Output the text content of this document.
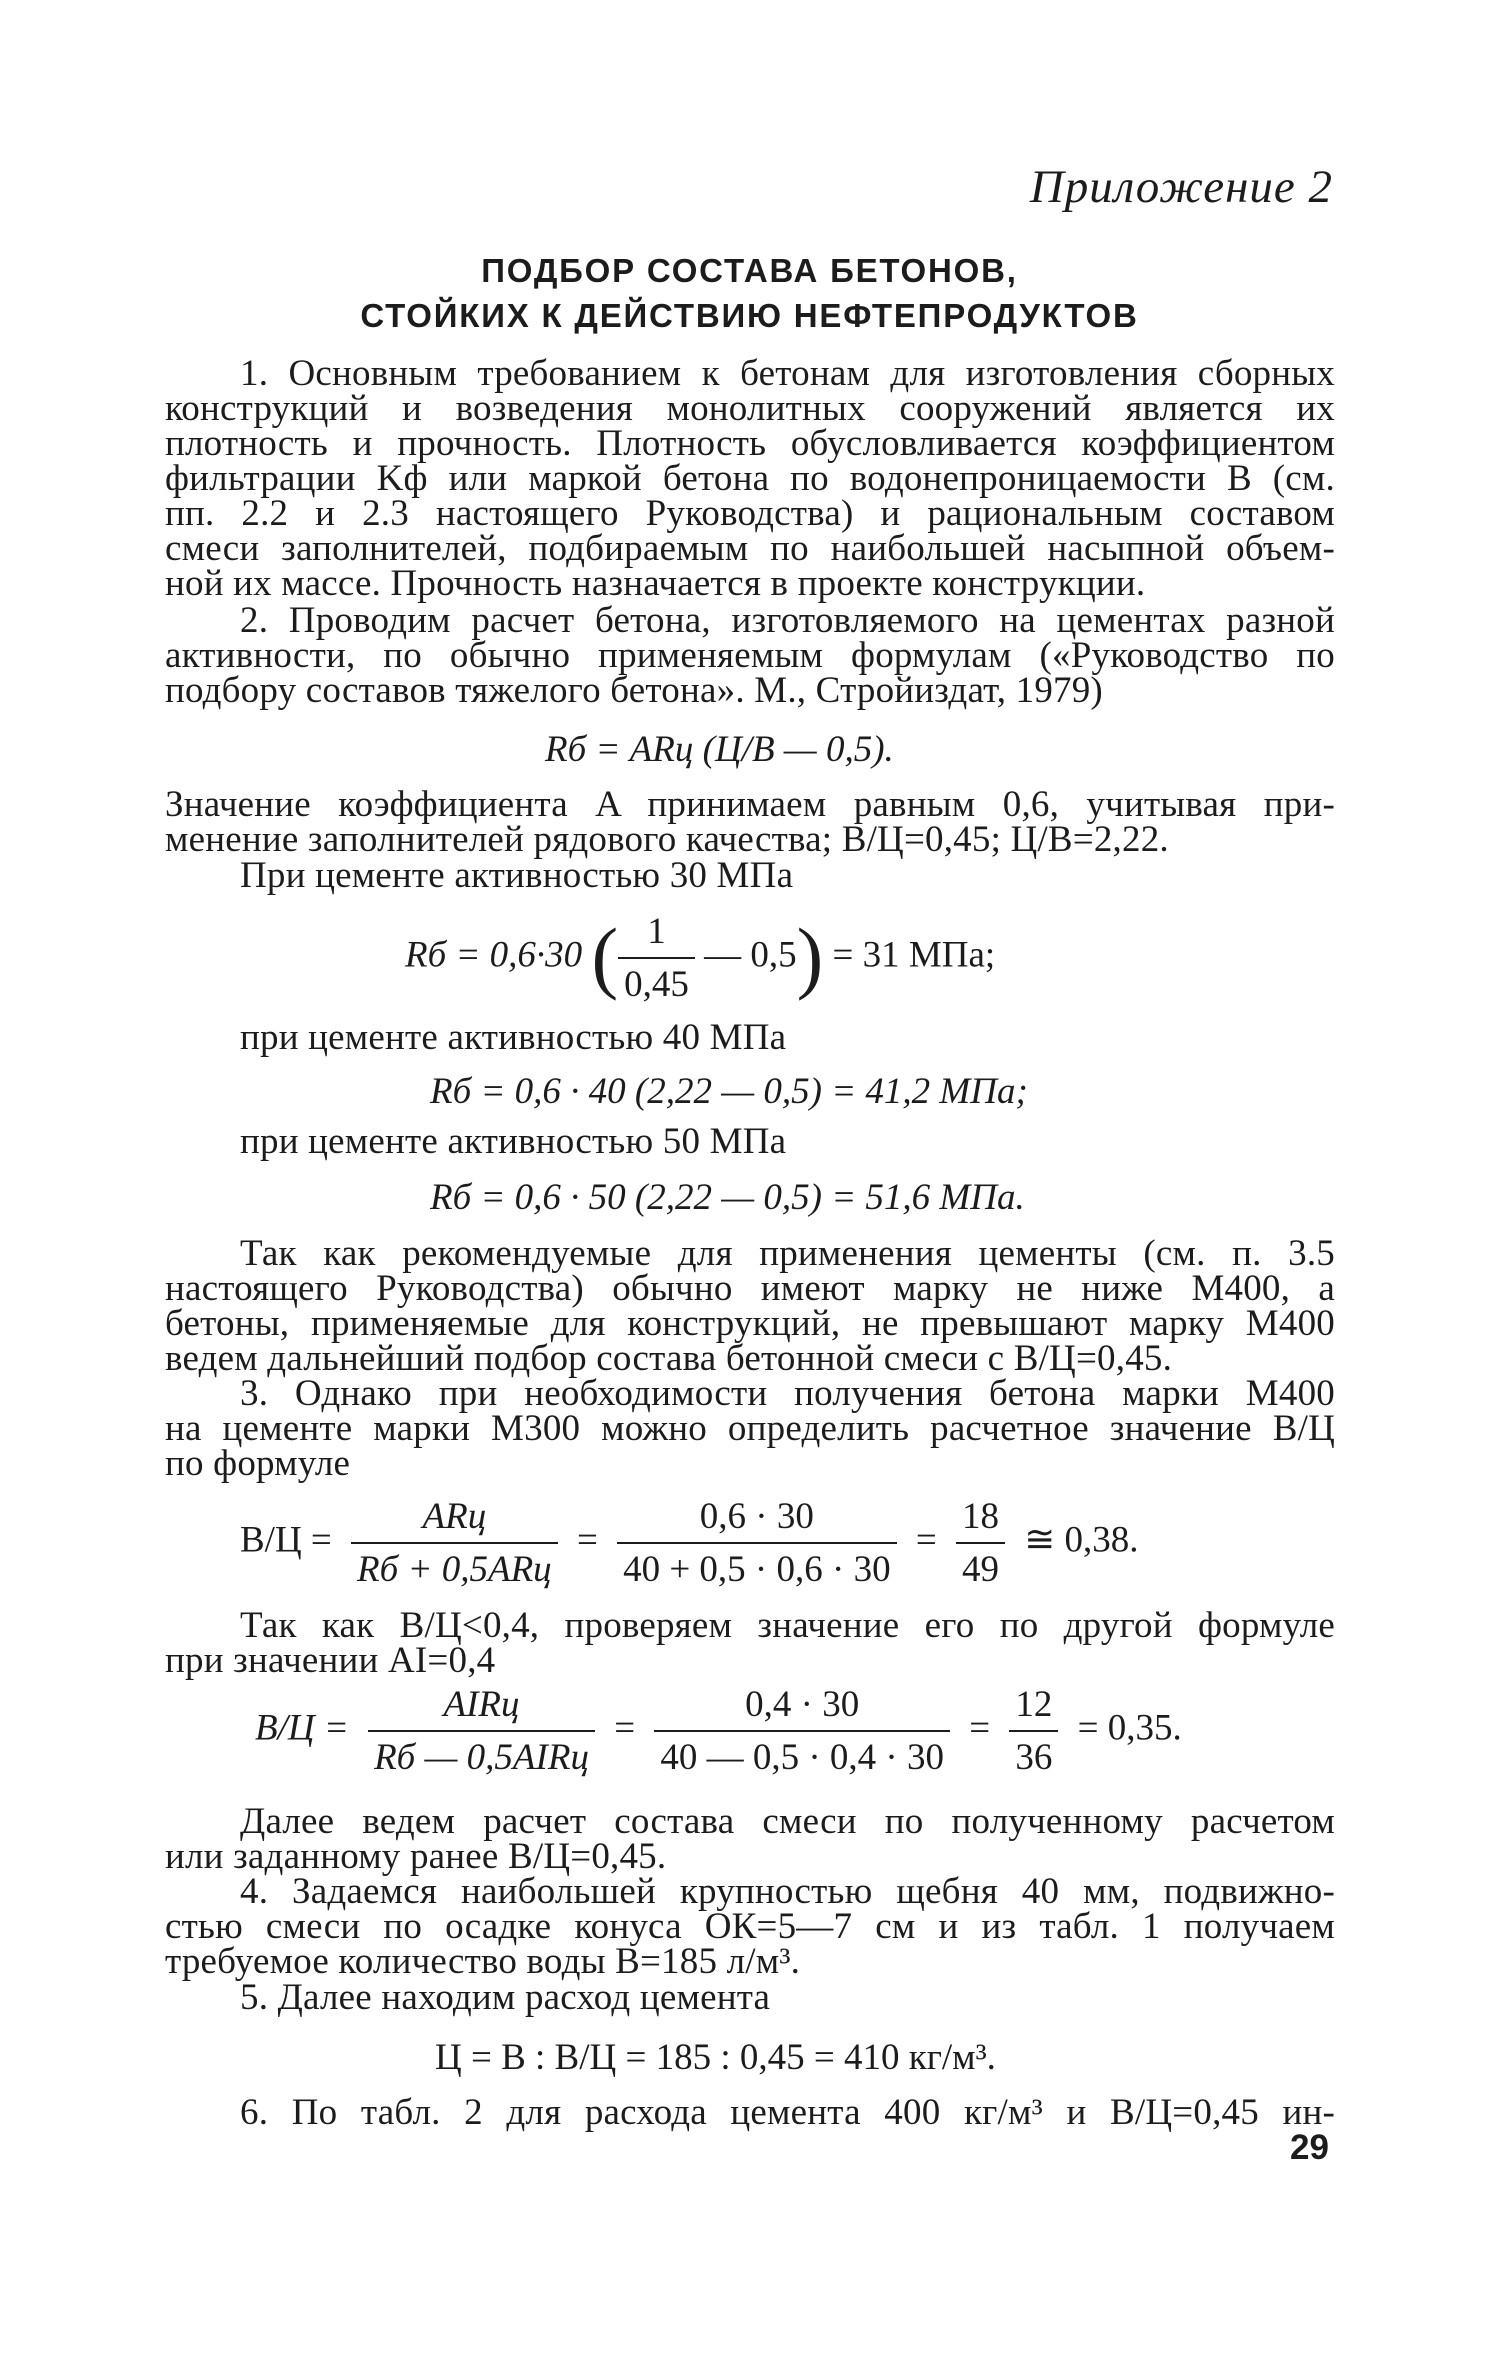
Приложение 2
ПОДБОР СОСТАВА БЕТОНОВ,
СТОЙКИХ К ДЕЙСТВИЮ НЕФТЕПРОДУКТОВ
1. Основным требованием к бетонам для изготовления сборных
конструкций и возведения монолитных сооружений является их
плотность и прочность. Плотность обусловливается коэффициентом
фильтрации Kф или маркой бетона по водонепроницаемости В (см.
пп. 2.2 и 2.3 настоящего Руководства) и рациональным составом
смеси заполнителей, подбираемым по наибольшей насыпной объем-
ной их массе. Прочность назначается в проекте конструкции.
2. Проводим расчет бетона, изготовляемого на цементах разной
активности, по обычно применяемым формулам («Руководство по
подбору составов тяжелого бетона». М., Стройиздат, 1979)
Rб = ARц (Ц/В — 0,5).
Значение коэффициента A принимаем равным 0,6, учитывая при-
менение заполнителей рядового качества; В/Ц=0,45; Ц/В=2,22.
При цементе активностью 30 МПа
Rб = 0,6·30 ( $\frac{1}{0,45}$ — 0,5) = 31 МПа;
при цементе активностью 40 МПа
Rб = 0,6 · 40 (2,22 — 0,5) = 41,2 МПа;
при цементе активностью 50 МПа
Rб = 0,6 · 50 (2,22 — 0,5) = 51,6 МПа.
Так как рекомендуемые для применения цементы (см. п. 3.5
настоящего Руководства) обычно имеют марку не ниже М400, а
бетоны, применяемые для конструкций, не превышают марку М400
ведем дальнейший подбор состава бетонной смеси с В/Ц=0,45.
3. Однако при необходимости получения бетона марки М400
на цементе марки М300 можно определить расчетное значение В/Ц
по формуле
$В/Ц = \frac{\text{ARц}}{\text{Rб + 0,5ARц}} = \frac{0,6 \cdot 30}{40 + 0,5 \cdot 0,6 \cdot 30} = \frac{18}{49}$ ≅ 0,38.
Так как В/Ц<0,4, проверяем значение его по другой формуле
при значении AI=0,4
$В/Ц = \frac{\text{AIRц}}{\text{Rб — 0,5AIRц}} = \frac{0,4 \cdot 30}{40 — 0,5 \cdot 0,4 \cdot 30} = \frac{12}{36} = 0,35$.
Далее ведем расчет состава смеси по полученному расчетом
или заданному ранее В/Ц=0,45.
4. Задаемся наибольшей крупностью щебня 40 мм, подвижно-
стью смеси по осадке конуса ОК=5—7 см и из табл. 1 получаем
требуемое количество воды В=185 л/м³.
5. Далее находим расход цемента
Ц = В : В/Ц = 185 : 0,45 = 410 кг/м³.
6. По табл. 2 для расхода цемента 400 кг/м³ и В/Ц=0,45 ин-
29
